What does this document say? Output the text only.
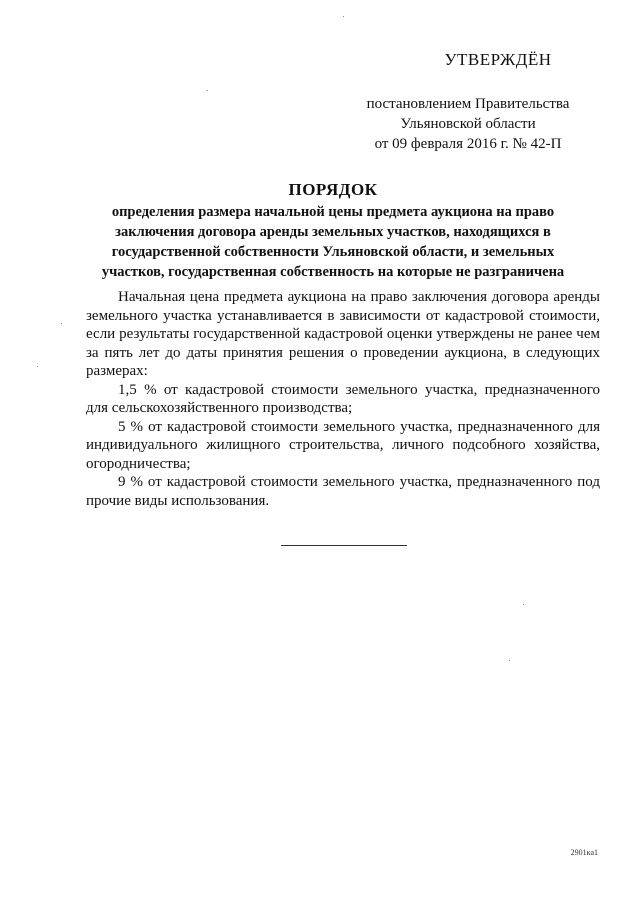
УТВЕРЖДЁН
постановлением Правительства
Ульяновской области
от 09 февраля 2016 г. № 42-П
ПОРЯДОК
определения размера начальной цены предмета аукциона на право заключения договора аренды земельных участков, находящихся в государственной собственности Ульяновской области, и земельных участков, государственная собственность на которые не разграничена

Начальная цена предмета аукциона на право заключения договора аренды земельного участка устанавливается в зависимости от кадастровой стоимости, если результаты государственной кадастровой оценки утверждены не ранее чем за пять лет до даты принятия решения о проведении аукциона, в следующих размерах:

1,5 % от кадастровой стоимости земельного участка, предназначенного для сельскохозяйственного производства;

5 % от кадастровой стоимости земельного участка, предназначенного для индивидуального жилищного строительства, личного подсобного хозяйства, огородничества;

9 % от кадастровой стоимости земельного участка, предназначенного под прочие виды использования.

2901ка1
